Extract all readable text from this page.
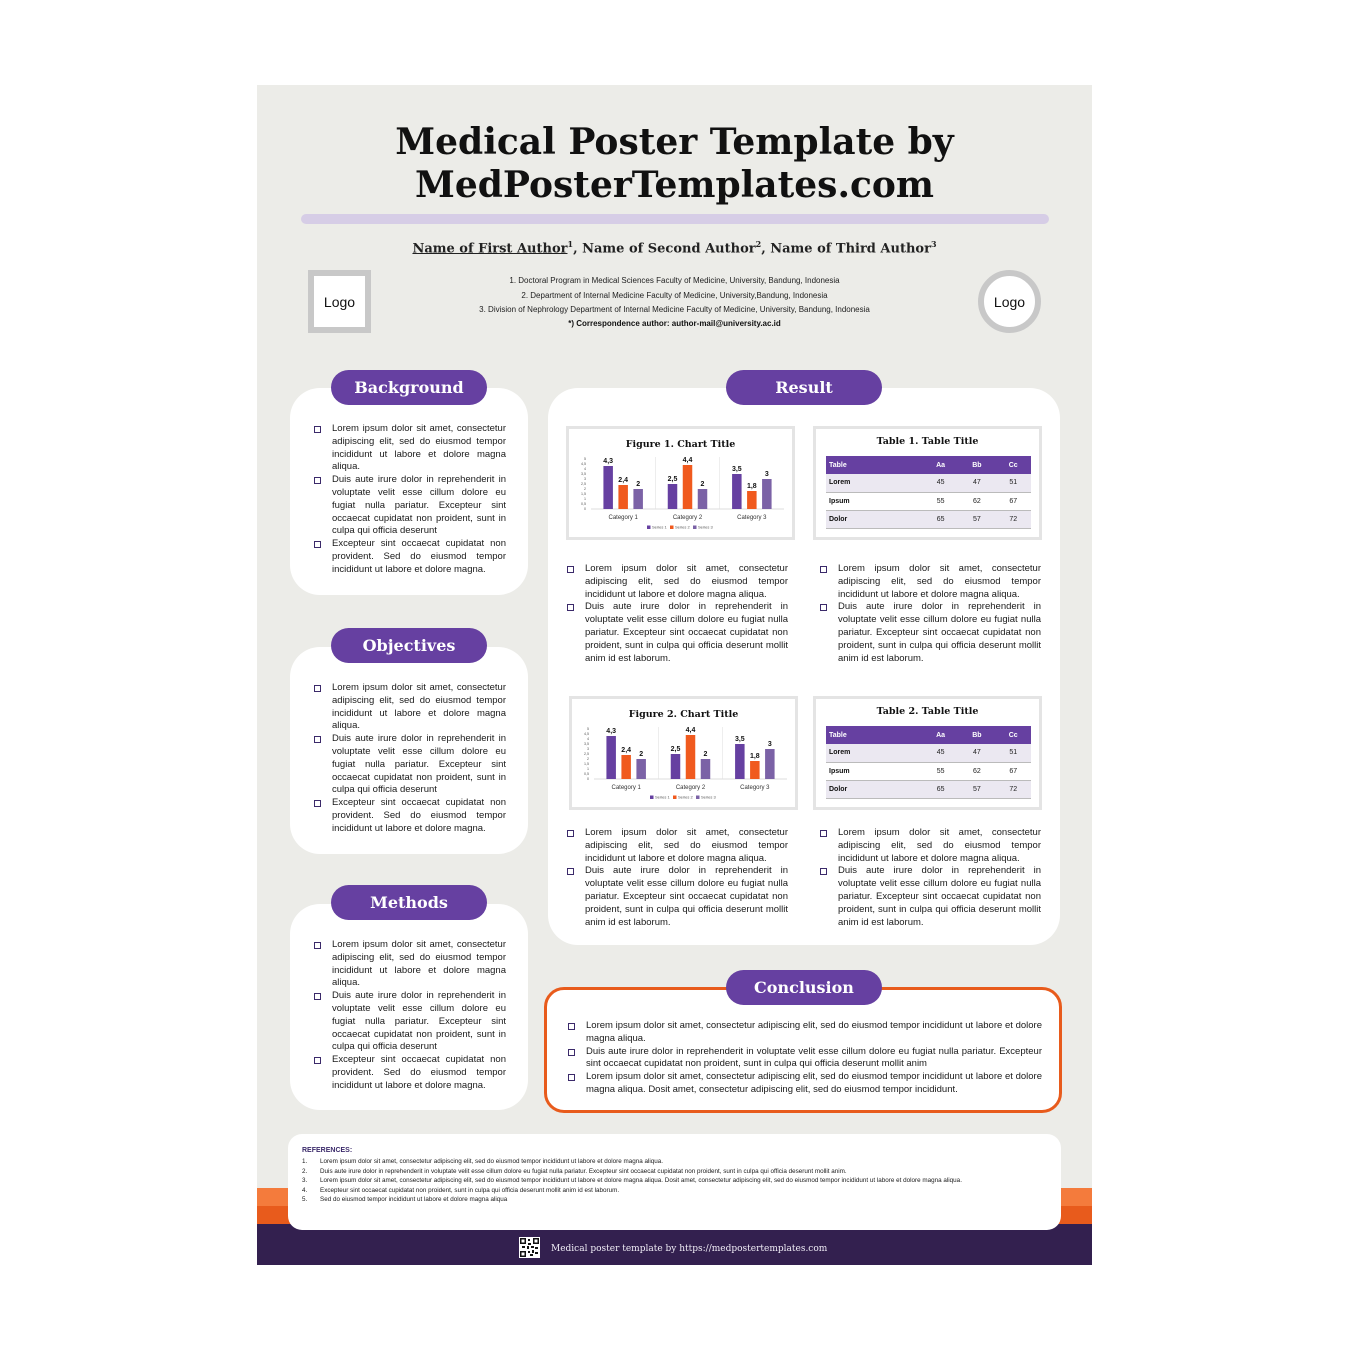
Medical Poster Template by
MedPosterTemplates.com
Name of First Author$^1$, Name of Second Author$^2$, Name of Third Author$^3$
1. Doctoral Program in Medical Sciences Faculty of Medicine, University, Bandung, Indonesia
2. Department of Internal Medicine Faculty of Medicine, University,Bandung, Indonesia
3. Division of Nephrology Department of Internal Medicine Faculty of Medicine, University, Bandung, Indonesia
*) Correspondence author: author-mail@university.ac.id
Logo	Logo
Lorem ipsum dolor sit amet, consectetur adipiscing elit, sed do eiusmod tempor incididunt ut labore et dolore magna aliqua.
Duis aute irure dolor in reprehenderit in voluptate velit esse cillum dolore eu fugiat nulla pariatur. Excepteur sint occaecat cupidatat non proident, sunt in culpa qui officia deserunt
Excepteur sint occaecat cupidatat non provident. Sed do eiusmod tempor incididunt ut labore et dolore magna.
Background
Lorem ipsum dolor sit amet, consectetur adipiscing elit, sed do eiusmod tempor incididunt ut labore et dolore magna aliqua.
Duis aute irure dolor in reprehenderit in voluptate velit esse cillum dolore eu fugiat nulla pariatur. Excepteur sint occaecat cupidatat non proident, sunt in culpa qui officia deserunt
Excepteur sint occaecat cupidatat non provident. Sed do eiusmod tempor incididunt ut labore et dolore magna.
Objectives
Lorem ipsum dolor sit amet, consectetur adipiscing elit, sed do eiusmod tempor incididunt ut labore et dolore magna aliqua.
Duis aute irure dolor in reprehenderit in voluptate velit esse cillum dolore eu fugiat nulla pariatur. Excepteur sint occaecat cupidatat non proident, sunt in culpa qui officia deserunt
Excepteur sint occaecat cupidatat non provident. Sed do eiusmod tempor incididunt ut labore et dolore magna.
Methods
Result
Figure 1. Chart Title
0
0,5
1
1,5
2
2,5
3
3,5
4
4,5
5 4,3
2,4
2
Category 1
2,5
4,4
2
Category 2
3,5
1,8
3
Category 3
Series 1 Series 2 Series 3
Table 1. Table Title
Table	Aa	Bb	Cc
Lorem	45	47	51
Ipsum	55	62	67
Dolor	65	57	72
Lorem ipsum dolor sit amet, consectetur adipiscing elit, sed do eiusmod tempor incididunt ut labore et dolore magna aliqua.
Duis aute irure dolor in reprehenderit in voluptate velit esse cillum dolore eu fugiat nulla pariatur. Excepteur sint occaecat cupidatat non proident, sunt in culpa qui officia deserunt mollit anim id est laborum.
Lorem ipsum dolor sit amet, consectetur adipiscing elit, sed do eiusmod tempor incididunt ut labore et dolore magna aliqua.
Duis aute irure dolor in reprehenderit in voluptate velit esse cillum dolore eu fugiat nulla pariatur. Excepteur sint occaecat cupidatat non proident, sunt in culpa qui officia deserunt mollit anim id est laborum.
Figure 2. Chart Title
0
0,5
1
1,5
2
2,5
3
3,5
4
4,5
5 4,3
2,4
2
Category 1
2,5
4,4
2
Category 2
3,5
1,8
3
Category 3
Series 1 Series 2 Series 3
Table 2. Table Title
Table	Aa	Bb	Cc
Lorem	45	47	51
Ipsum	55	62	67
Dolor	65	57	72
Lorem ipsum dolor sit amet, consectetur adipiscing elit, sed do eiusmod tempor incididunt ut labore et dolore magna aliqua.
Duis aute irure dolor in reprehenderit in voluptate velit esse cillum dolore eu fugiat nulla pariatur. Excepteur sint occaecat cupidatat non proident, sunt in culpa qui officia deserunt mollit anim id est laborum.
Lorem ipsum dolor sit amet, consectetur adipiscing elit, sed do eiusmod tempor incididunt ut labore et dolore magna aliqua.
Duis aute irure dolor in reprehenderit in voluptate velit esse cillum dolore eu fugiat nulla pariatur. Excepteur sint occaecat cupidatat non proident, sunt in culpa qui officia deserunt mollit anim id est laborum.
Lorem ipsum dolor sit amet, consectetur adipiscing elit, sed do eiusmod tempor incididunt ut labore et dolore magna aliqua.
Duis aute irure dolor in reprehenderit in voluptate velit esse cillum dolore eu fugiat nulla pariatur. Excepteur sint occaecat cupidatat non proident, sunt in culpa qui officia deserunt mollit anim
Lorem ipsum dolor sit amet, consectetur adipiscing elit, sed do eiusmod tempor incididunt ut labore et dolore magna aliqua. Dosit amet, consectetur adipiscing elit, sed do eiusmod tempor incididunt.
Conclusion
REFERENCES:
1. Lorem ipsum dolor sit amet, consectetur adipiscing elit, sed do eiusmod tempor incididunt ut labore et dolore magna aliqua.
2. Duis aute irure dolor in reprehenderit in voluptate velit esse cillum dolore eu fugiat nulla pariatur. Excepteur sint occaecat cupidatat non proident, sunt in culpa qui officia deserunt mollit anim.
3. Lorem ipsum dolor sit amet, consectetur adipiscing elit, sed do eiusmod tempor incididunt ut labore et dolore magna aliqua. Dosit amet, consectetur adipiscing elit, sed do eiusmod tempor incididunt ut labore et dolore magna aliqua.
4. Excepteur sint occaecat cupidatat non proident, sunt in culpa qui officia deserunt mollit anim id est laborum.
5. Sed do eiusmod tempor incididunt ut labore et dolore magna aliqua
Medical poster template by https://medpostertemplates.com
